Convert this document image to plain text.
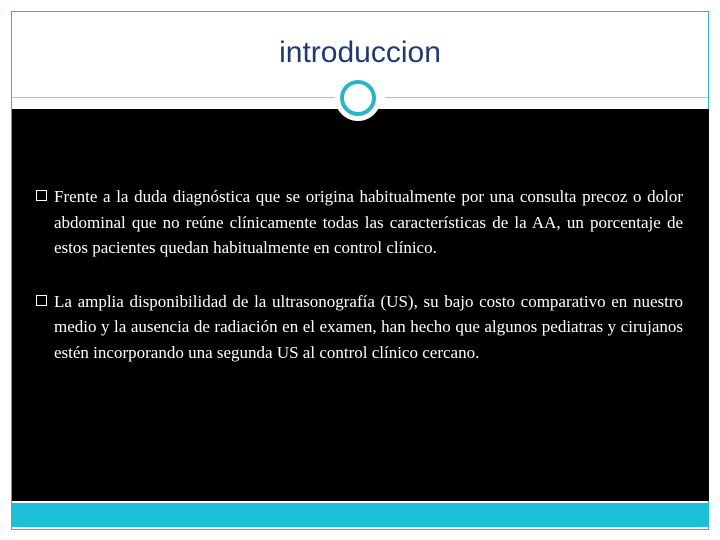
introduccion
Frente a la duda diagnóstica que se origina habitualmente por una consulta precoz o dolor abdominal que no reúne clínicamente todas las características de la AA, un porcentaje de estos pacientes quedan habitualmente en control clínico.
La amplia disponibilidad de la ultrasonografía (US), su bajo costo comparativo en nuestro medio y la ausencia de radiación en el examen, han hecho que algunos pediatras y cirujanos estén incorporando una segunda US al control clínico cercano.
